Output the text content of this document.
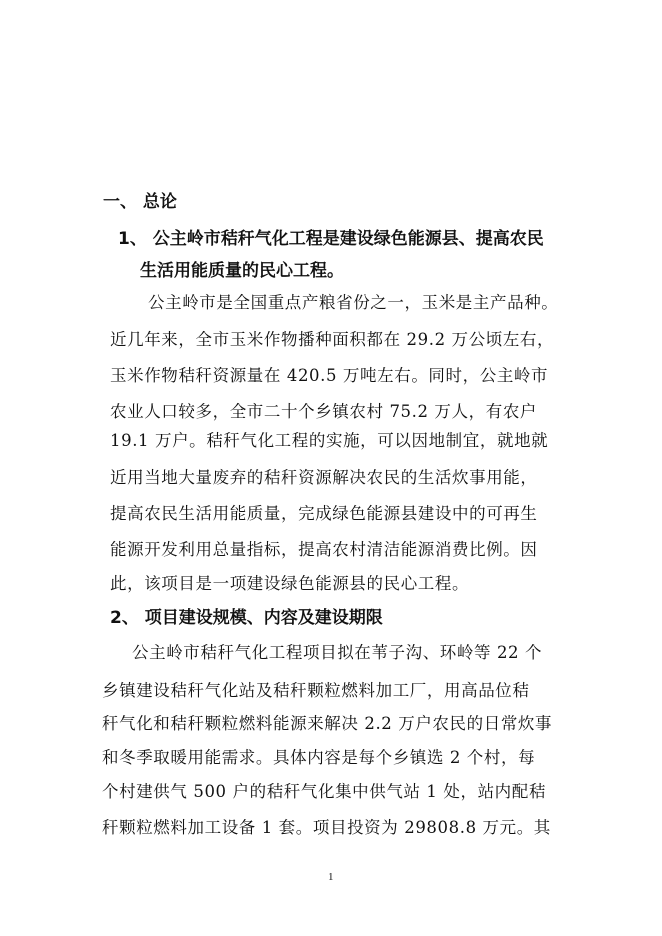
一、 总论
1、 公主岭市秸秆气化工程是建设绿色能源县、提高农民
生活用能质量的民心工程。
公主岭市是全国重点产粮省份之一，玉米是主产品种。
近几年来，全市玉米作物播种面积都在 29.2 万公顷左右，
玉米作物秸秆资源量在 420.5 万吨左右。同时，公主岭市
农业人口较多，全市二十个乡镇农村 75.2 万人，有农户
19.1 万户。秸秆气化工程的实施，可以因地制宜，就地就
近用当地大量废弃的秸秆资源解决农民的生活炊事用能，
提高农民生活用能质量，完成绿色能源县建设中的可再生
能源开发利用总量指标，提高农村清洁能源消费比例。因
此，该项目是一项建设绿色能源县的民心工程。
2、 项目建设规模、内容及建设期限
公主岭市秸秆气化工程项目拟在苇子沟、环岭等 22 个
乡镇建设秸秆气化站及秸秆颗粒燃料加工厂，用高品位秸
秆气化和秸秆颗粒燃料能源来解决 2.2 万户农民的日常炊事
和冬季取暖用能需求。具体内容是每个乡镇选 2 个村，每
个村建供气 500 户的秸秆气化集中供气站 1 处，站内配秸
秆颗粒燃料加工设备 1 套。项目投资为 29808.8 万元。其
1
